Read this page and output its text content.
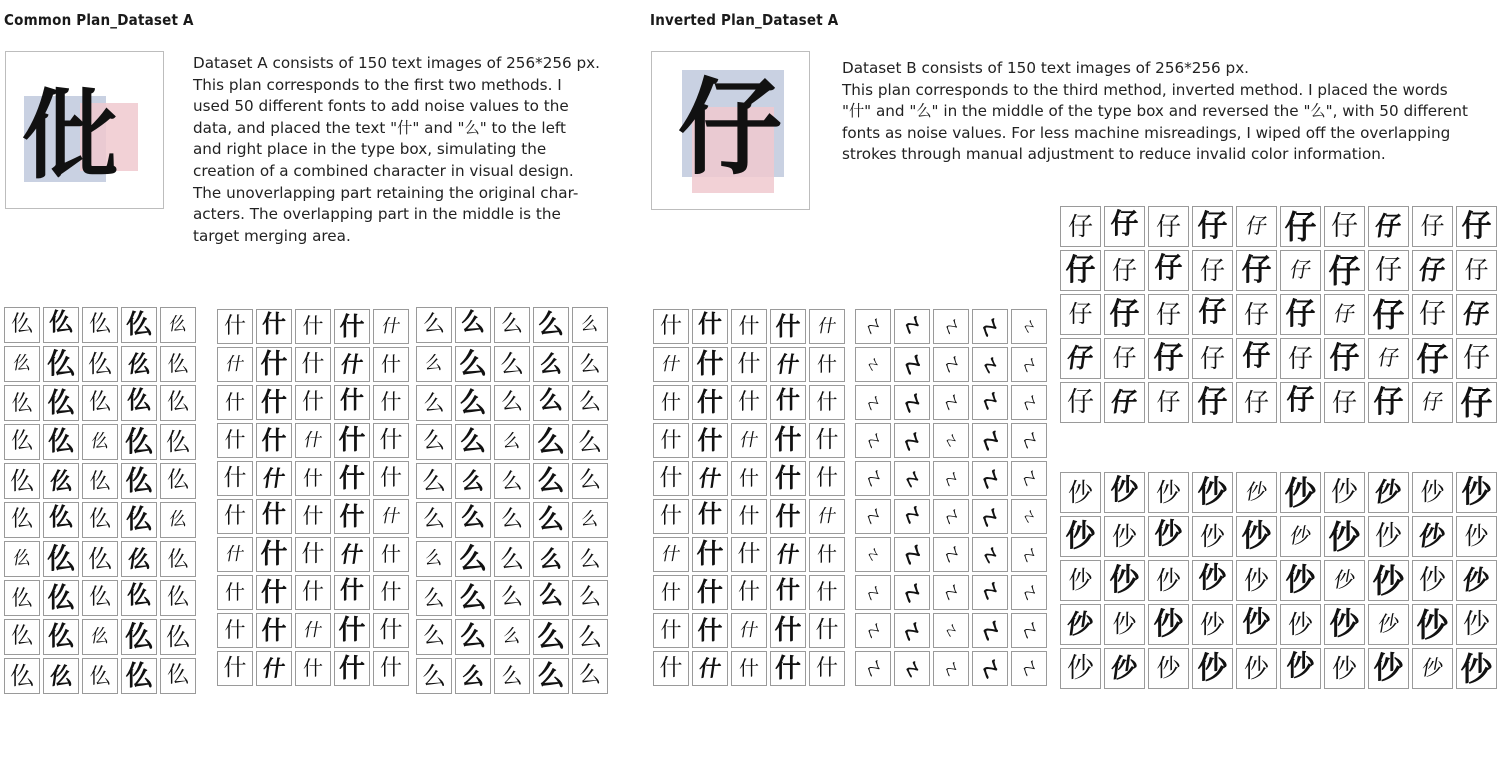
Common Plan_Dataset A
仳
Dataset A consists of 150 text images of 256*256 px.
This plan corresponds to the first two methods. I
used 50 different fonts to add noise values to the
data, and placed the text "什" and "么" to the left
and right place in the type box, simulating the
creation of a combined character in visual design.
The unoverlapping part retaining the original char-
acters. The overlapping part in the middle is the
target merging area.
仫 仫 仫 仫 仫
仫 仫 仫 仫 仫
仫 仫 仫 仫 仫
仫 仫 仫 仫 仫
仫 仫 仫 仫 仫
仫 仫 仫 仫 仫
仫 仫 仫 仫 仫
仫 仫 仫 仫 仫
仫 仫 仫 仫 仫
仫 仫 仫 仫 仫
什 什 什 什 什
什 什 什 什 什
什 什 什 什 什
什 什 什 什 什
什 什 什 什 什
什 什 什 什 什
什 什 什 什 什
什 什 什 什 什
什 什 什 什 什
什 什 什 什 什
么 么 么 么 么
么 么 么 么 么
么 么 么 么 么
么 么 么 么 么
么 么 么 么 么
么 么 么 么 么
么 么 么 么 么
么 么 么 么 么
么 么 么 么 么
么 么 么 么 么
Inverted Plan_Dataset A
仔	Dataset B consists of 150 text images of 256*256 px.
This plan corresponds to the third method, inverted method. I placed the words
"什" and "么" in the middle of the type box and reversed the "么", with 50 different
fonts as noise values. For less machine misreadings, I wiped off the overlapping
strokes through manual adjustment to reduce invalid color information.
什 什 什 什 什
什 什 什 什 什
什 什 什 什 什
什 什 什 什 什
什 什 什 什 什
什 什 什 什 什
什 什 什 什 什
什 什 什 什 什
什 什 什 什 什
什 什 什 什 什
ㄣ ㄣ ㄣ ㄣ ㄣ
ㄣ ㄣ ㄣ ㄣ ㄣ
ㄣ ㄣ ㄣ ㄣ ㄣ
ㄣ ㄣ ㄣ ㄣ ㄣ
ㄣ ㄣ ㄣ ㄣ ㄣ
ㄣ ㄣ ㄣ ㄣ ㄣ
ㄣ ㄣ ㄣ ㄣ ㄣ
ㄣ ㄣ ㄣ ㄣ ㄣ
ㄣ ㄣ ㄣ ㄣ ㄣ
ㄣ ㄣ ㄣ ㄣ ㄣ
仔 仔 仔 仔 仔 仔 仔 仔 仔 仔
仔 仔 仔 仔 仔 仔 仔 仔 仔 仔
仔 仔 仔 仔 仔 仔 仔 仔 仔 仔
仔 仔 仔 仔 仔 仔 仔 仔 仔 仔
仔 仔 仔 仔 仔 仔 仔 仔 仔 仔
仯 仯 仯 仯 仯 仯 仯 仯 仯 仯
仯 仯 仯 仯 仯 仯 仯 仯 仯 仯
仯 仯 仯 仯 仯 仯 仯 仯 仯 仯
仯 仯 仯 仯 仯 仯 仯 仯 仯 仯
仯 仯 仯 仯 仯 仯 仯 仯 仯 仯
